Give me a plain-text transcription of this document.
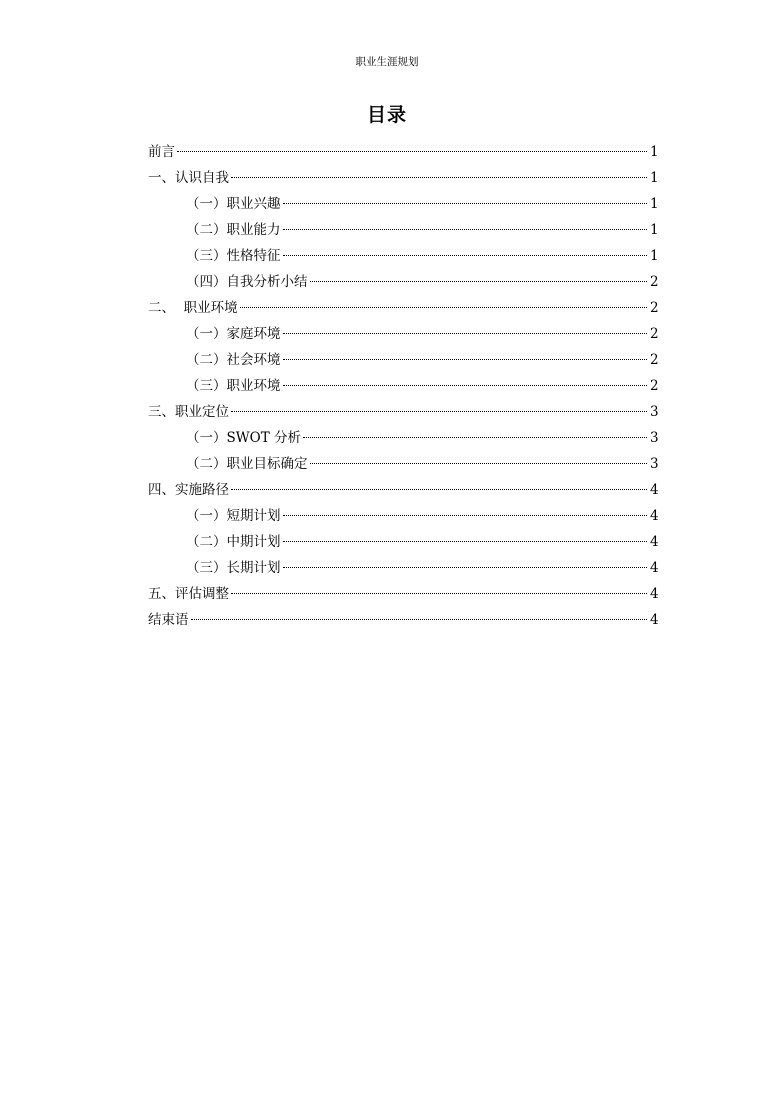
职业生涯规划
目录
前言	1
一、认识自我	1
（一）职业兴趣	1
（二）职业能力	1
（三）性格特征	1
（四）自我分析小结	2
二、  职业环境	2
（一）家庭环境	2
（二）社会环境	2
（三）职业环境	2
三、职业定位	3
（一）SWOT 分析	3
（二）职业目标确定	3
四、实施路径	4
（一）短期计划	4
（二）中期计划	4
（三）长期计划	4
五、评估调整	4
结束语	4
